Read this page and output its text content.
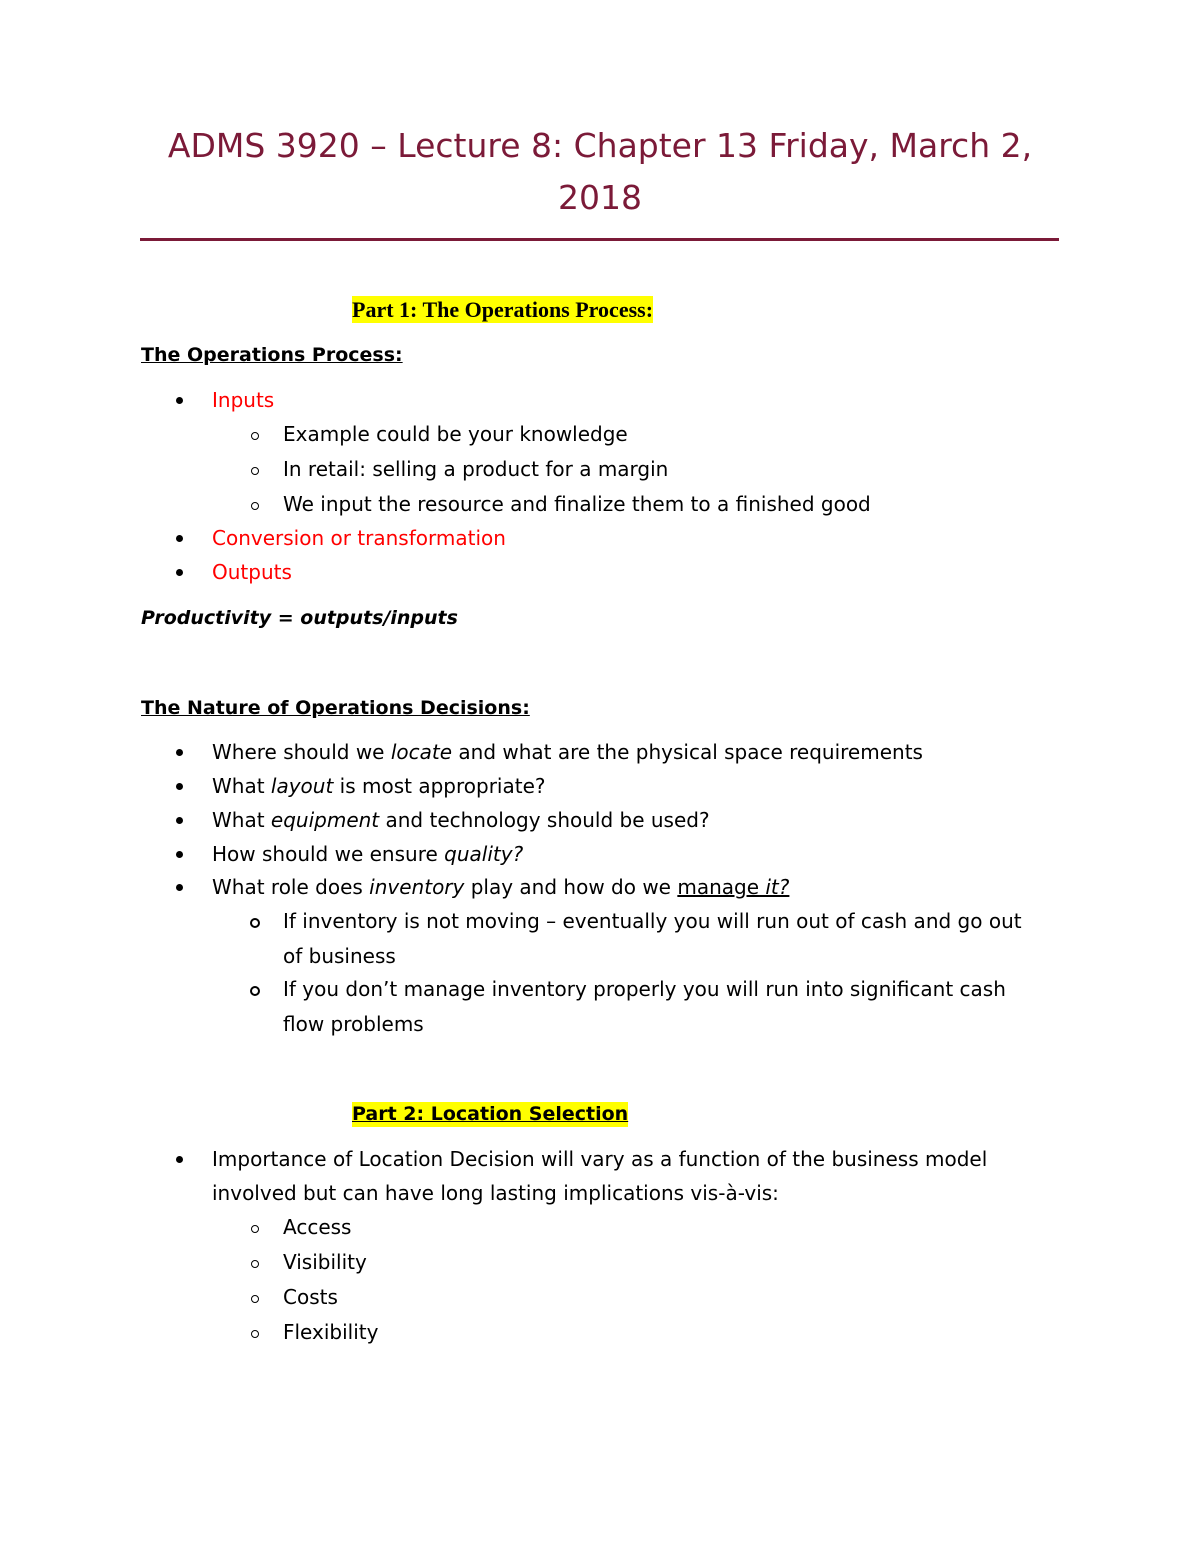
ADMS 3920 – Lecture 8: Chapter 13 Friday, March 2, 2018
Part 1: The Operations Process:
The Operations Process:
Inputs
Example could be your knowledge
In retail: selling a product for a margin
We input the resource and finalize them to a finished good
Conversion or transformation
Outputs
Productivity = outputs/inputs
The Nature of Operations Decisions:
Where should we locate and what are the physical space requirements
What layout is most appropriate?
What equipment and technology should be used?
How should we ensure quality?
What role does inventory play and how do we manage it?
If inventory is not moving – eventually you will run out of cash and go out
of business
If you don’t manage inventory properly you will run into significant cash
flow problems
Part 2: Location Selection
Importance of Location Decision will vary as a function of the business model
involved but can have long lasting implications vis-à-vis:
Access
Visibility
Costs
Flexibility
